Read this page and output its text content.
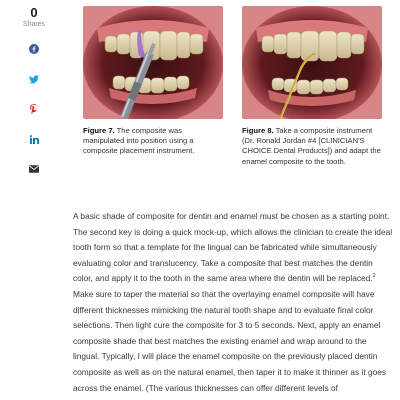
0
Shares
Figure 7. The composite was manipulated into position using a composite placement instrument.
Figure 8. Take a composite instrument (Dr. Ronald Jordan #4 [CLINICIAN'S CHOICE Dental Products]) and adapt the enamel composite to the tooth.

A basic shade of composite for dentin and enamel must be chosen as a starting point. The second key is doing a quick mock-up, which allows the clinician to create the ideal tooth form so that a template for the lingual can be fabricated while simultaneously evaluating color and translucency. Take a composite that best matches the dentin color, and apply it to the tooth in the same area where the dentin will be replaced.$^2$ Make sure to taper the material so that the overlaying enamel composite will have different thicknesses mimicking the natural tooth shape and to evaluate final color selections. Then light cure the composite for 3 to 5 seconds. Next, apply an enamel composite shade that best matches the existing enamel and wrap around to the lingual. Typically, I will place the enamel composite on the previously placed dentin composite as well as on the natural enamel, then taper it to make it thinner as it goes across the enamel. (The various thicknesses can offer different levels of
